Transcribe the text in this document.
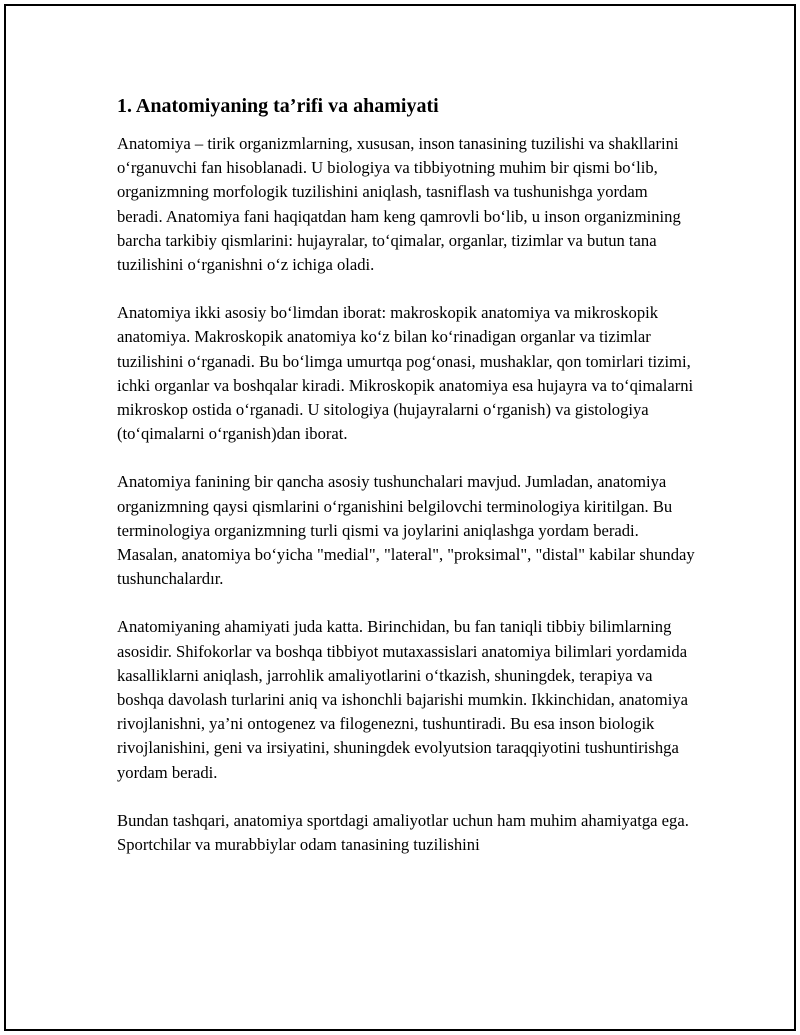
1. Anatomiyaning ta’rifi va ahamiyati

Anatomiya – tirik organizmlarning, xususan, inson tanasining tuzilishi va shakllarini o‘rganuvchi fan hisoblanadi. U biologiya va tibbiyotning muhim bir qismi bo‘lib, organizmning morfologik tuzilishini aniqlash, tasniflash va tushunishga yordam beradi. Anatomiya fani haqiqatdan ham keng qamrovli bo‘lib, u inson organizmining barcha tarkibiy qismlarini: hujayralar, to‘qimalar, organlar, tizimlar va butun tana tuzilishini o‘rganishni o‘z ichiga oladi.

Anatomiya ikki asosiy bo‘limdan iborat: makroskopik anatomiya va mikroskopik anatomiya. Makroskopik anatomiya ko‘z bilan ko‘rinadigan organlar va tizimlar tuzilishini o‘rganadi. Bu bo‘limga umurtqa pog‘onasi, mushaklar, qon tomirlari tizimi, ichki organlar va boshqalar kiradi. Mikroskopik anatomiya esa hujayra va to‘qimalarni mikroskop ostida o‘rganadi. U sitologiya (hujayralarni o‘rganish) va gistologiya (to‘qimalarni o‘rganish)dan iborat.

Anatomiya fanining bir qancha asosiy tushunchalari mavjud. Jumladan, anatomiya organizmning qaysi qismlarini o‘rganishini belgilovchi terminologiya kiritilgan. Bu terminologiya organizmning turli qismi va joylarini aniqlashga yordam beradi. Masalan, anatomiya bo‘yicha "medial", "lateral", "proksimal", "distal" kabilar shunday tushunchalardır.

Anatomiyaning ahamiyati juda katta. Birinchidan, bu fan taniqli tibbiy bilimlarning asosidir. Shifokorlar va boshqa tibbiyot mutaxassislari anatomiya bilimlari yordamida kasalliklarni aniqlash, jarrohlik amaliyotlarini o‘tkazish, shuningdek, terapiya va boshqa davolash turlarini aniq va ishonchli bajarishi mumkin. Ikkinchidan, anatomiya rivojlanishni, ya’ni ontogenez va filogenezni, tushuntiradi. Bu esa inson biologik rivojlanishini, geni va irsiyatini, shuningdek evolyutsion taraqqiyotini tushuntirishga yordam beradi.

Bundan tashqari, anatomiya sportdagi amaliyotlar uchun ham muhim ahamiyatga ega. Sportchilar va murabbiylar odam tanasining tuzilishini
